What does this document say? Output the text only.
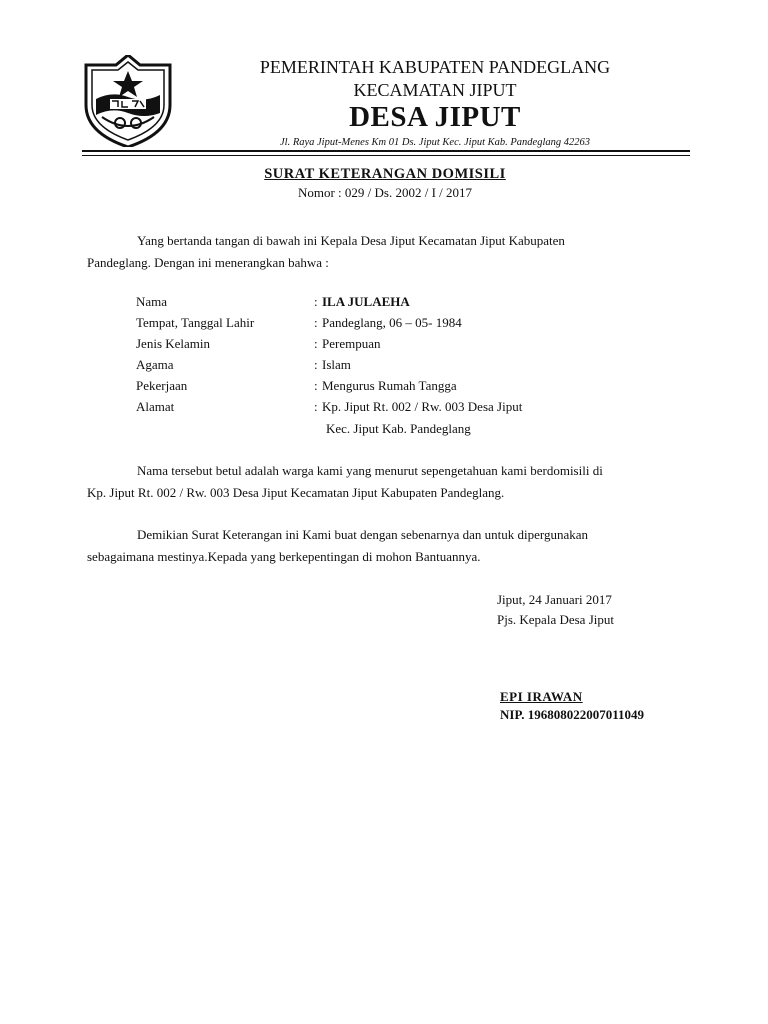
PEMERINTAH KABUPATEN PANDEGLANG
KECAMATAN JIPUT
DESA JIPUT
Jl. Raya Jiput-Menes Km 01 Ds. Jiput Kec. Jiput Kab. Pandeglang 42263
SURAT KETERANGAN DOMISILI
Nomor : 029 / Ds. 2002 / I / 2017
Yang bertanda tangan di bawah ini Kepala Desa Jiput Kecamatan Jiput Kabupaten
Pandeglang. Dengan ini menerangkan bahwa :
Nama	: ILA JULAEHA
Tempat, Tanggal Lahir	: Pandeglang, 06 – 05- 1984
Jenis Kelamin	: Perempuan
Agama	: Islam
Pekerjaan	: Mengurus Rumah Tangga
Alamat	: Kp. Jiput Rt. 002 / Rw. 003 Desa Jiput
Kec. Jiput Kab. Pandeglang
Nama tersebut betul adalah warga kami yang menurut sepengetahuan kami berdomisili di
Kp. Jiput Rt. 002 / Rw. 003 Desa Jiput Kecamatan Jiput Kabupaten Pandeglang.
Demikian Surat Keterangan ini Kami buat dengan sebenarnya dan untuk dipergunakan
sebagaimana mestinya.Kepada yang berkepentingan di mohon Bantuannya.
Jiput, 24 Januari 2017
Pjs. Kepala Desa Jiput
EPI IRAWAN
NIP. 196808022007011049
